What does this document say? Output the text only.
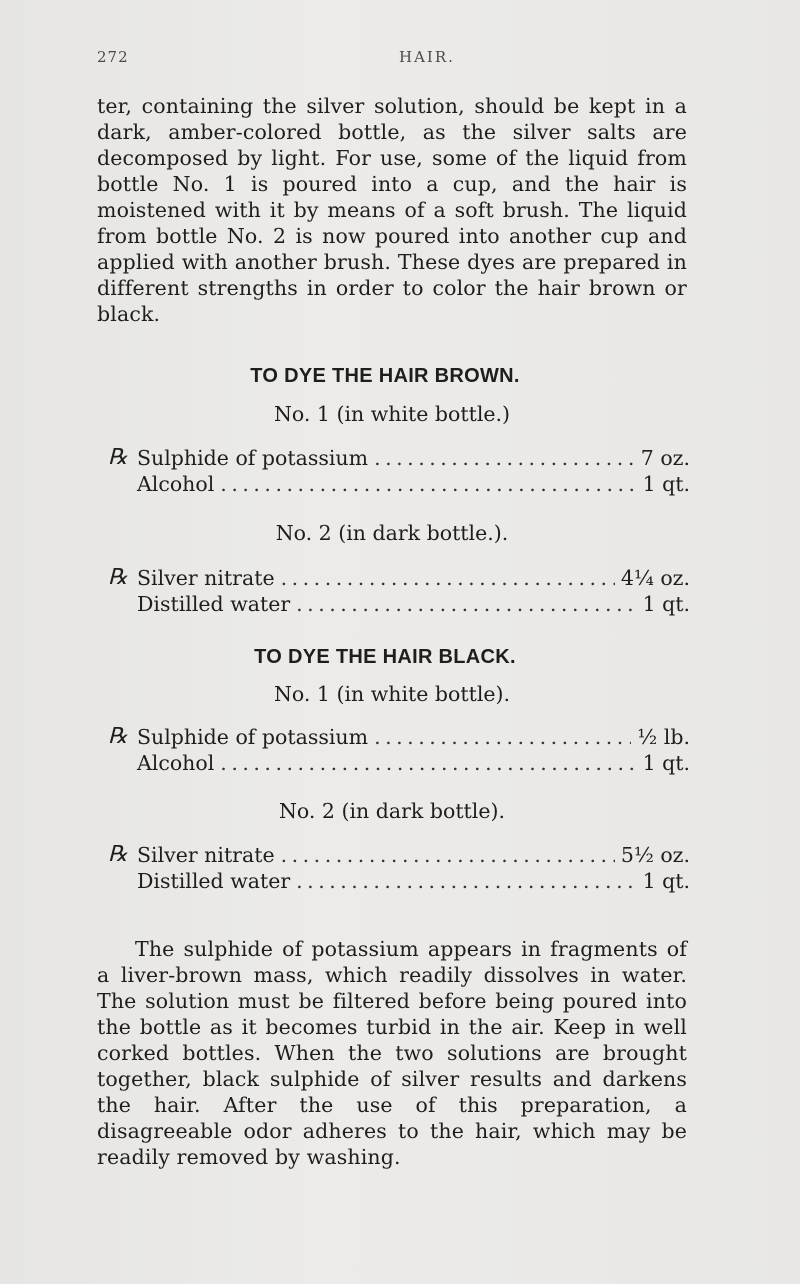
272	HAIR.

ter, containing the silver solution, should be kept in a dark, amber-colored bottle, as the silver salts are decomposed by light. For use, some of the liquid from bottle No. 1 is poured into a cup, and the hair is moistened with it by means of a soft brush. The liquid from bottle No. 2 is now poured into another cup and applied with another brush. These dyes are prepared in different strengths in order to color the hair brown or black.

TO DYE THE HAIR BROWN.
No. 1 (in white bottle.)
℞ Sulphide of potassium . . .	7 oz.
Alcohol . . .	1 qt.
No. 2 (in dark bottle.).
℞ Silver nitrate . . .	4¼ oz.
Distilled water . . .	1 qt.
TO DYE THE HAIR BLACK.
No. 1 (in white bottle).
℞ Sulphide of potassium . . .	½ lb.
Alcohol . . .	1 qt.
No. 2 (in dark bottle).
℞ Silver nitrate . . .	5½ oz.
Distilled water . . .	1 qt.

The sulphide of potassium appears in fragments of a liver-brown mass, which readily dissolves in water. The solution must be filtered before being poured into the bottle as it becomes turbid in the air. Keep in well corked bottles. When the two solutions are brought together, black sulphide of silver results and darkens the hair. After the use of this preparation, a disagreeable odor adheres to the hair, which may be readily removed by washing.
